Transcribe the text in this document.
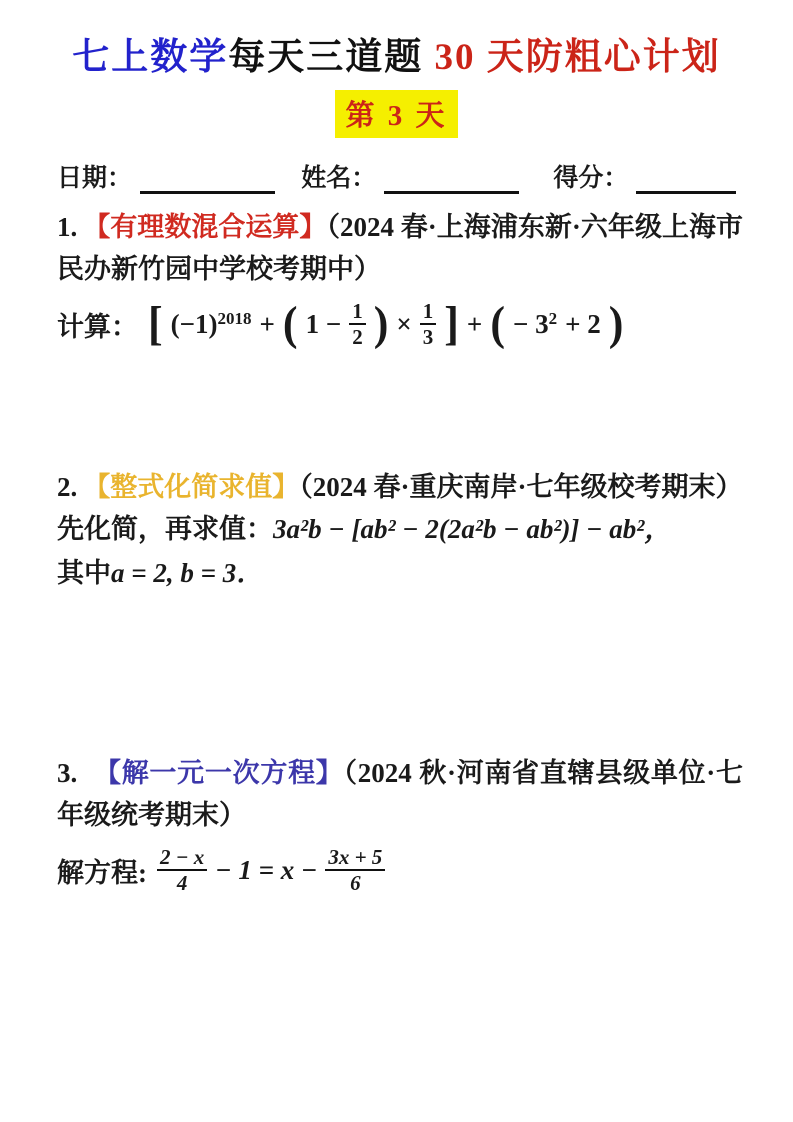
七上数学每天三道题 30 天防粗心计划
第 3 天
日期：	姓名：	得分：
1. 【有理数混合运算】（2024 春·上海浦东新·六年级上海市民办新竹园中学校考期中）
计算： [ $(-1)^{2018}$ + ( $1 - \frac{1}{2}$ ) × $\frac{1}{3}$ ] + ( − $3^2 + 2$ )
2. 【整式化简求值】（2024 春·重庆南岸·七年级校考期末）
先化简，再求值：3a²b − [ab² − 2(2a²b − ab²)] − ab²，
其中a = 2, b = 3．
3. 【解一元一次方程】（2024 秋·河南省直辖县级单位·七年级统考期末）
解方程: $\frac{2 - x}{4} - 1 = x - \frac{3x + 5}{6}$
